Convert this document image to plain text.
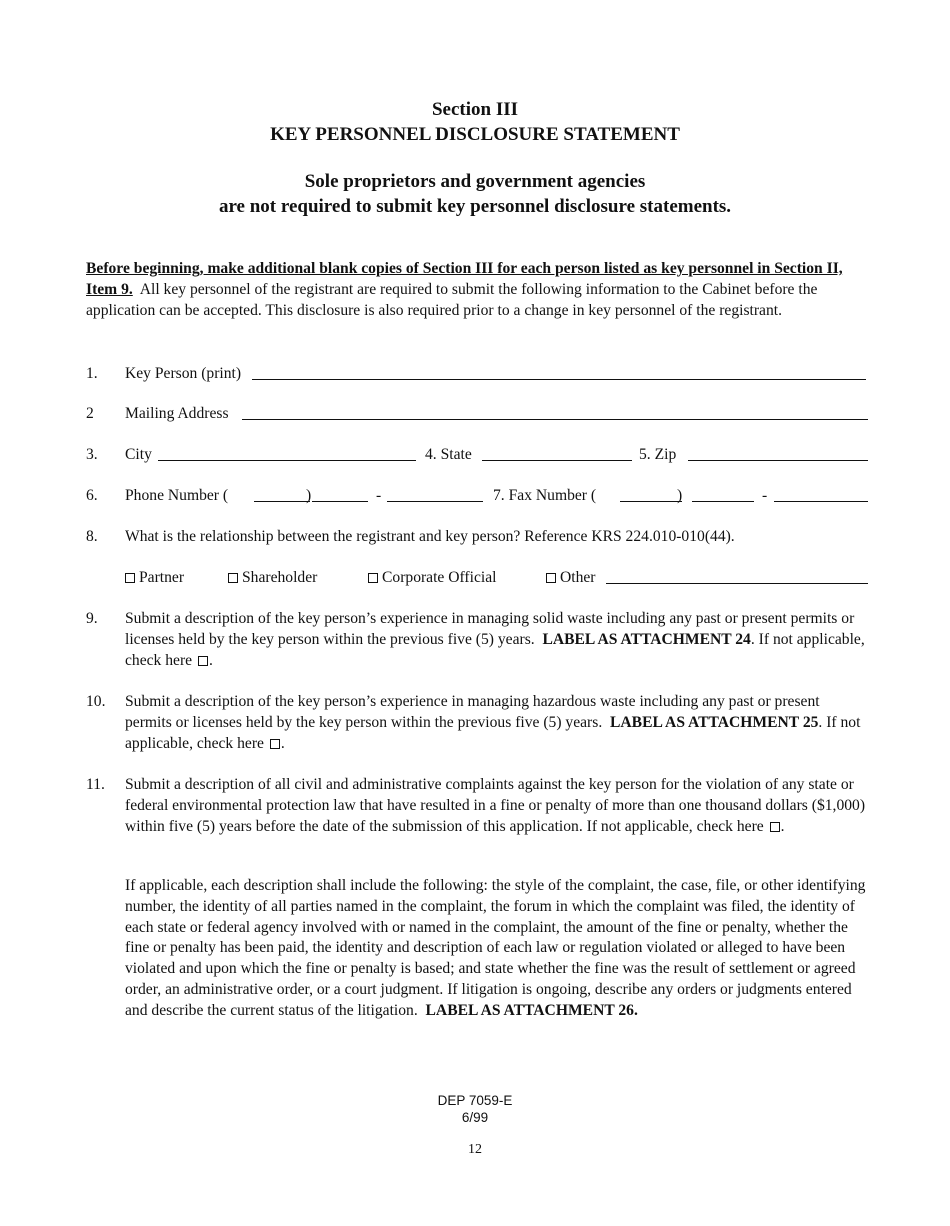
Section III
KEY PERSONNEL DISCLOSURE STATEMENT
Sole proprietors and government agencies
are not required to submit key personnel disclosure statements.
Before beginning, make additional blank copies of Section III for each person listed as key personnel in Section II, Item 9. All key personnel of the registrant are required to submit the following information to the Cabinet before the application can be accepted. This disclosure is also required prior to a change in key personnel of the registrant.
1.	Key Person (print)
2	Mailing Address
3.	City	4. State	5. Zip
6.	Phone Number (	)	-	7. Fax Number (	)	-
8.	What is the relationship between the registrant and key person? Reference KRS 224.010-010(44).
Partner	Shareholder	Corporate Official	Other
9.	Submit a description of the key person’s experience in managing solid waste including any past or present permits or licenses held by the key person within the previous five (5) years. LABEL AS ATTACHMENT 24. If not applicable, check here .
10.	Submit a description of the key person’s experience in managing hazardous waste including any past or present permits or licenses held by the key person within the previous five (5) years. LABEL AS ATTACHMENT 25. If not applicable, check here .
11.	Submit a description of all civil and administrative complaints against the key person for the violation of any state or federal environmental protection law that have resulted in a fine or penalty of more than one thousand dollars ($1,000) within five (5) years before the date of the submission of this application. If not applicable, check here .
If applicable, each description shall include the following: the style of the complaint, the case, file, or other identifying number, the identity of all parties named in the complaint, the forum in which the complaint was filed, the identity of each state or federal agency involved with or named in the complaint, the amount of the fine or penalty, whether the fine or penalty has been paid, the identity and description of each law or regulation violated or alleged to have been violated and upon which the fine or penalty is based; and state whether the fine was the result of settlement or agreed order, an administrative order, or a court judgment. If litigation is ongoing, describe any orders or judgments entered and describe the current status of the litigation. LABEL AS ATTACHMENT 26.
DEP 7059-E
6/99
12
